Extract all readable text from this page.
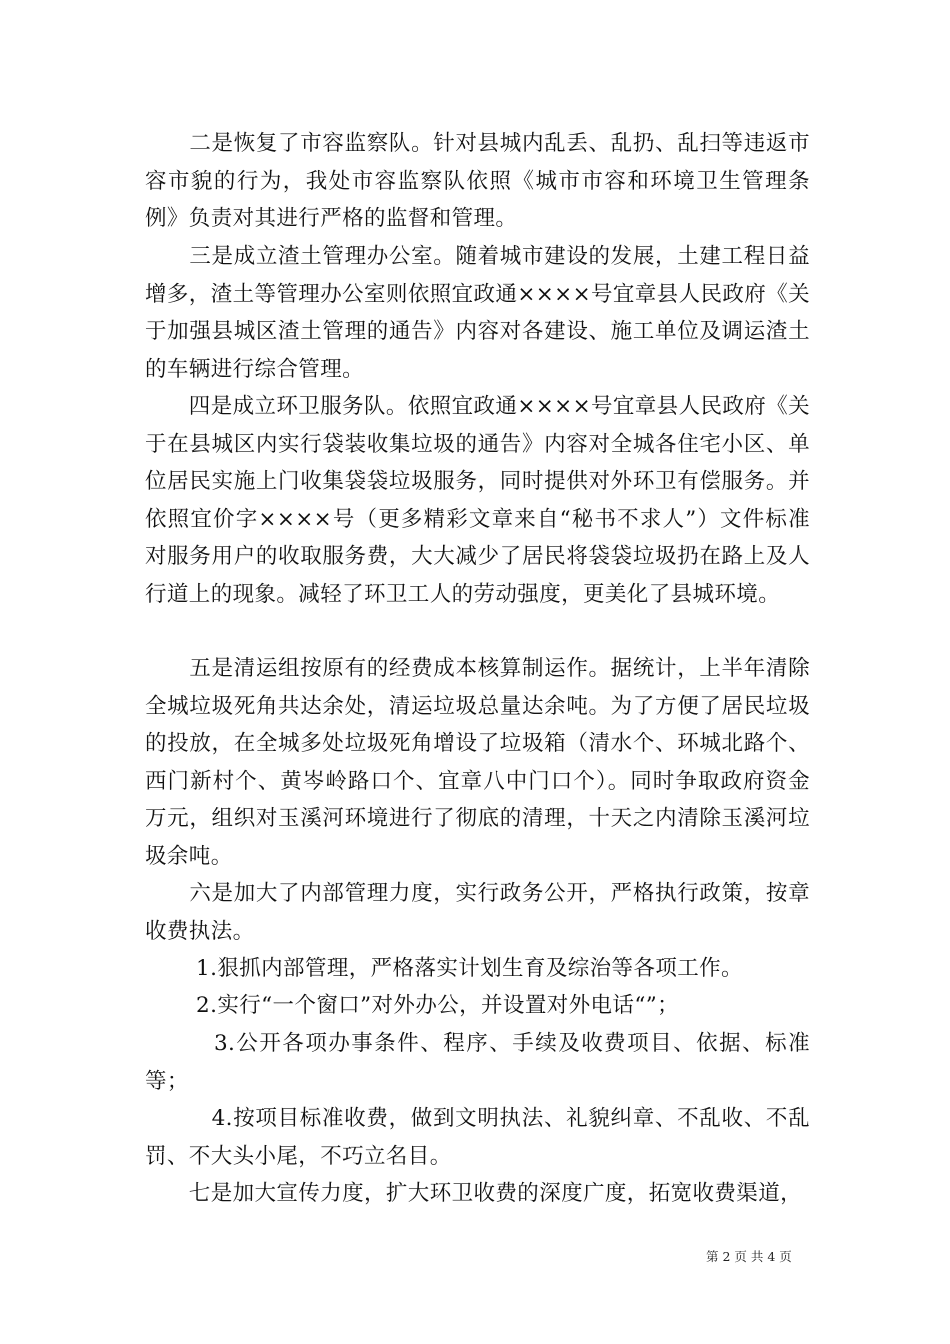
　　二是恢复了市容监察队。针对县城内乱丢、乱扔、乱扫等违返市容市貌的行为，我处市容监察队依照《城市市容和环境卫生管理条例》负责对其进行严格的监督和管理。

　　三是成立渣土管理办公室。随着城市建设的发展，土建工程日益增多，渣土等管理办公室则依照宜政通××××号宜章县人民政府《关于加强县城区渣土管理的通告》内容对各建设、施工单位及调运渣土的车辆进行综合管理。

　　四是成立环卫服务队。依照宜政通××××号宜章县人民政府《关于在县城区内实行袋装收集垃圾的通告》内容对全城各住宅小区、单位居民实施上门收集袋袋垃圾服务，同时提供对外环卫有偿服务。并依照宜价字××××号（更多精彩文章来自“秘书不求人”）文件标准对服务用户的收取服务费，大大减少了居民将袋袋垃圾扔在路上及人行道上的现象。减轻了环卫工人的劳动强度，更美化了县城环境。

　　五是清运组按原有的经费成本核算制运作。据统计，上半年清除全城垃圾死角共达余处，清运垃圾总量达余吨。为了方便了居民垃圾的投放，在全城多处垃圾死角增设了垃圾箱（清水个、环城北路个、西门新村个、黄岑岭路口个、宜章八中门口个）。同时争取政府资金万元，组织对玉溪河环境进行了彻底的清理，十天之内清除玉溪河垃圾余吨。

　　六是加大了内部管理力度，实行政务公开，严格执行政策，按章收费执法。

　　 1.狠抓内部管理，严格落实计划生育及综治等各项工作。

　　 2.实行“一个窗口”对外办公，并设置对外电话“”；

　　　3.公开各项办事条件、程序、手续及收费项目、依据、标准等；

　　　4.按项目标准收费，做到文明执法、礼貌纠章、不乱收、不乱罚、不大头小尾，不巧立名目。

　　七是加大宣传力度，扩大环卫收费的深度广度，拓宽收费渠道，

第 2 页 共 4 页
